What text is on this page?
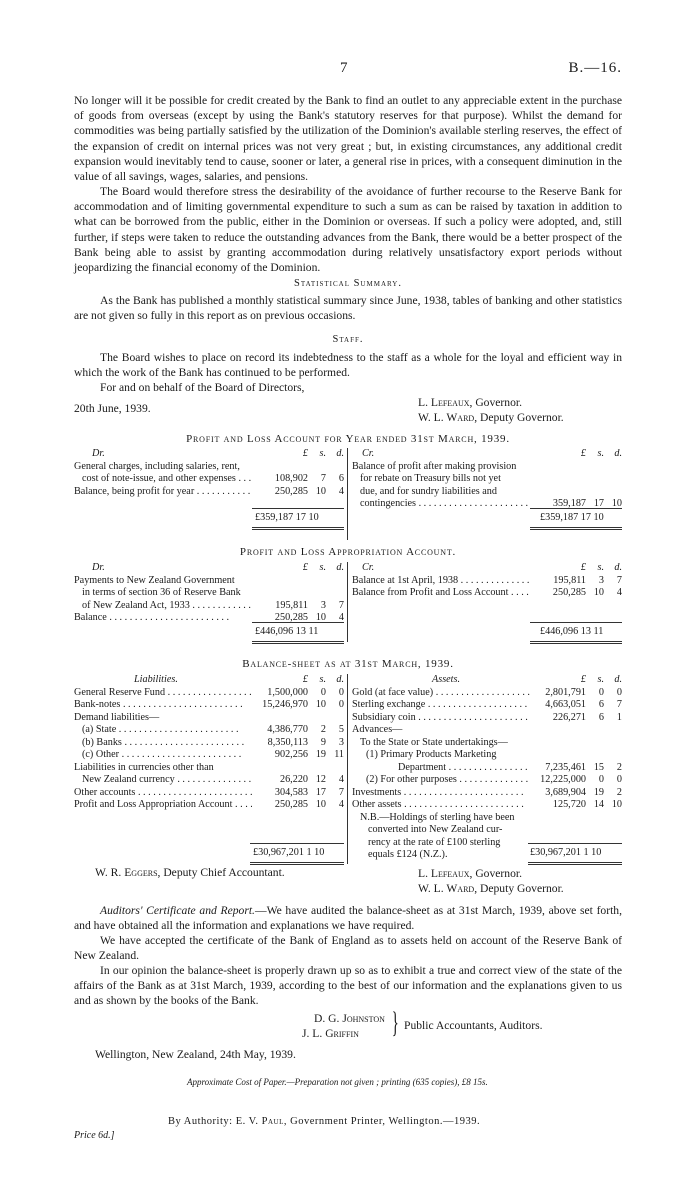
7	B.—16.
No longer will it be possible for credit created by the Bank to find an outlet to any appreciable extent in the purchase of goods from overseas (except by using the Bank's statutory reserves for that purpose). Whilst the demand for commodities was being partially satisfied by the utilization of the Dominion's available sterling reserves, the effect of the expansion of credit on internal prices was not very great ; but, in existing circumstances, any additional credit expansion would inevitably tend to cause, sooner or later, a general rise in prices, with a consequent diminution in the value of all savings, wages, salaries, and pensions.
The Board would therefore stress the desirability of the avoidance of further recourse to the Reserve Bank for accommodation and of limiting governmental expenditure to such a sum as can be raised by taxation in addition to what can be borrowed from the public, either in the Dominion or overseas. If such a policy were adopted, and, still further, if steps were taken to reduce the outstanding advances from the Bank, there would be a better prospect of the Bank being able to assist by granting accommodation during relatively unsatisfactory export periods without jeopardizing the financial economy of the Dominion.
Statistical Summary.
As the Bank has published a monthly statistical summary since June, 1938, tables of banking and other statistics are not given so fully in this report as on previous occasions.
Staff.
The Board wishes to place on record its indebtedness to the staff as a whole for the loyal and efficient way in which the work of the Bank has continued to be performed.
For and on behalf of the Board of Directors,
L. Lefeaux, Governor.
20th June, 1939.
W. L. Ward, Deputy Governor.
Profit and Loss Account for Year ended 31st March, 1939.
Dr.	£	s.	d.
General charges, including salaries, rent,
cost of note-issue, and other expenses . .	108,902	7	6
Balance, being profit for year . .	250,285 10	4
Cr.	£	s.	d.
Balance of profit after making provision
for rebate on Treasury bills not yet
due, and for sundry liabilities and
contingencies . .	359,187 17 10
£359,187 17 10	£359,187 17 10
Profit and Loss Appropriation Account.
Dr.	£	s.	d.
Payments to New Zealand Government
in terms of section 36 of Reserve Bank
of New Zealand Act, 1933 . .	195,811	3	7
Balance . .	250,285 10	4
Cr.	£	s.	d.
Balance at 1st April, 1938 . .	195,811	3	7
Balance from Profit and Loss Account . .	250,285 10	4
£446,096 13 11	£446,096 13 11
Balance-sheet as at 31st March, 1939.
Liabilities.	£	s.	d.
General Reserve Fund . .	1,500,000	0	0
Bank-notes . .	15,246,970 10	0
Demand liabilities—
(a) State . .	4,386,770	2	5
(b) Banks . .	8,350,113	9	3
(c) Other . .	902,256 19 11
Liabilities in currencies other than
New Zealand currency . .	26,220 12	4
Other accounts . .	304,583 17	7
Profit and Loss Appropriation Account . .	250,285 10	4
Assets.	£	s.	d.
Gold (at face value) . .	2,801,791	0	0
Sterling exchange . .	4,663,051	6	7
Subsidiary coin . .	226,271	6	1
Advances—
To the State or State undertakings—
(1) Primary Products Marketing
Department . .	7,235,461 15	2
(2) For other purposes . .	12,225,000	0	0
Investments . .	3,689,904 19	2
Other assets . .	125,720 14 10
N.B.—Holdings of sterling have been
converted into New Zealand cur-
rency at the rate of £100 sterling
equals £124 (N.Z.).
£30,967,201 1 10	£30,967,201 1 10
W. R. Eggers, Deputy Chief Accountant.	L. Lefeaux, Governor.
W. L. Ward, Deputy Governor.
Auditors' Certificate and Report.—We have audited the balance-sheet as at 31st March, 1939, above set forth, and have obtained all the information and explanations we have required.
We have accepted the certificate of the Bank of England as to assets held on account of the Reserve Bank of New Zealand.
In our opinion the balance-sheet is properly drawn up so as to exhibit a true and correct view of the state of the affairs of the Bank as at 31st March, 1939, according to the best of our information and the explanations given to us and as shown by the books of the Bank.
D. G. Johnston
J. L. Griffin } Public Accountants, Auditors.
Wellington, New Zealand, 24th May, 1939.
Approximate Cost of Paper.—Preparation not given ; printing (635 copies), £8 15s.
By Authority: E. V. Paul, Government Printer, Wellington.—1939.
Price 6d.]
